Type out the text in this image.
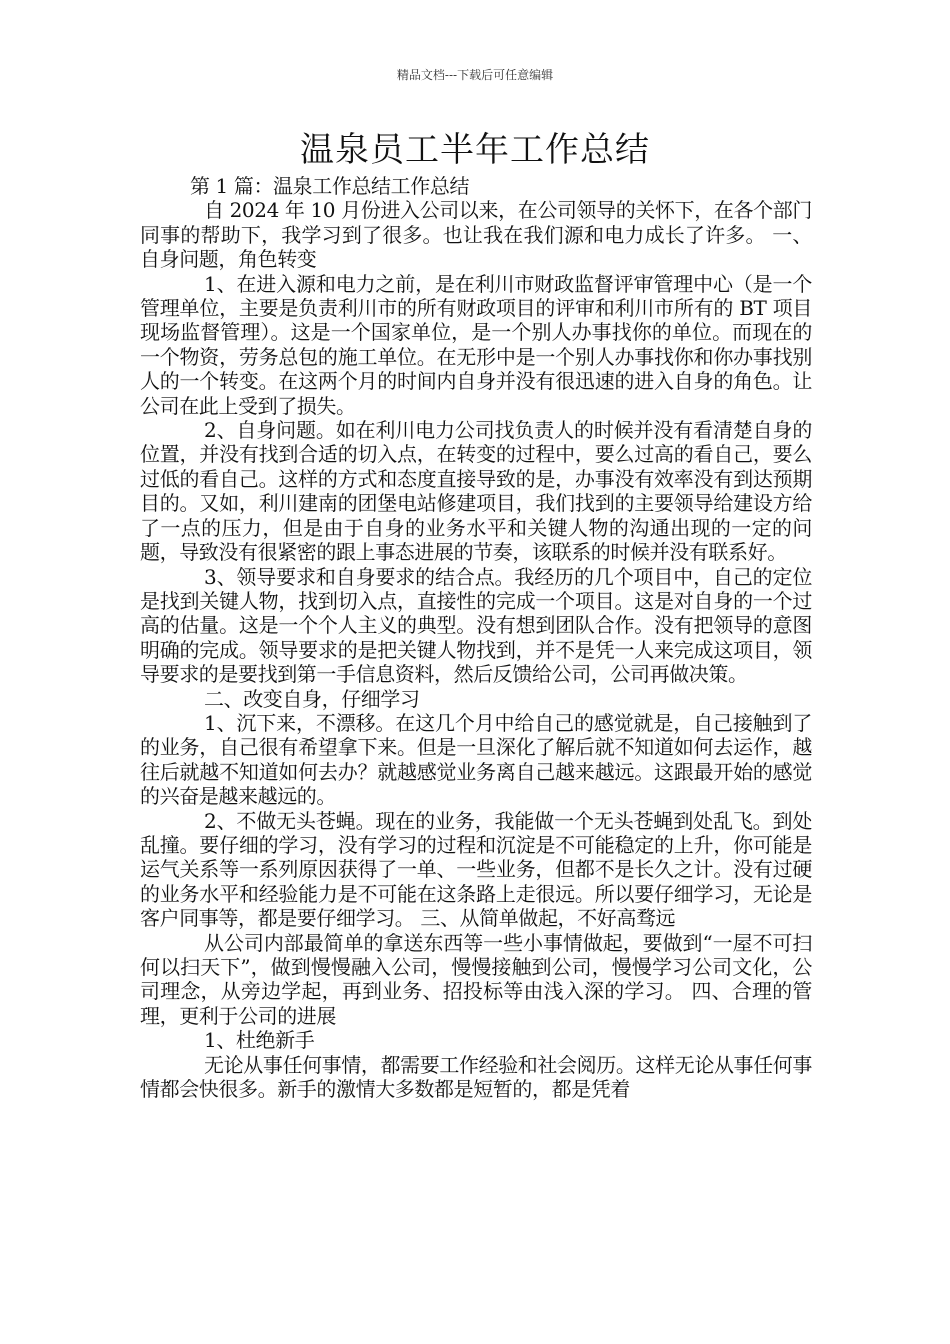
精品文档---下载后可任意编辑
温泉员工半年工作总结

第 1 篇：温泉工作总结工作总结

自 2024 年 10 月份进入公司以来，在公司领导的关怀下，在各个部门同事的帮助下，我学习到了很多。也让我在我们源和电力成长了许多。 一、自身问题，角色转变

1、在进入源和电力之前，是在利川市财政监督评审管理中心（是一个管理单位，主要是负责利川市的所有财政项目的评审和利川市所有的 BT 项目现场监督管理）。这是一个国家单位，是一个别人办事找你的单位。而现在的一个物资，劳务总包的施工单位。在无形中是一个别人办事找你和你办事找别人的一个转变。在这两个月的时间内自身并没有很迅速的进入自身的角色。让公司在此上受到了损失。

2、自身问题。如在利川电力公司找负责人的时候并没有看清楚自身的位置，并没有找到合适的切入点，在转变的过程中，要么过高的看自己，要么过低的看自己。这样的方式和态度直接导致的是，办事没有效率没有到达预期目的。又如，利川建南的团堡电站修建项目，我们找到的主要领导给建设方给了一点的压力，但是由于自身的业务水平和关键人物的沟通出现的一定的问题，导致没有很紧密的跟上事态进展的节奏，该联系的时候并没有联系好。

3、领导要求和自身要求的结合点。我经历的几个项目中，自己的定位是找到关键人物，找到切入点，直接性的完成一个项目。这是对自身的一个过高的估量。这是一个个人主义的典型。没有想到团队合作。没有把领导的意图明确的完成。领导要求的是把关键人物找到，并不是凭一人来完成这项目，领导要求的是要找到第一手信息资料，然后反馈给公司，公司再做决策。

二、改变自身，仔细学习

1、沉下来，不漂移。在这几个月中给自己的感觉就是，自己接触到了的业务，自己很有希望拿下来。但是一旦深化了解后就不知道如何去运作，越往后就越不知道如何去办？就越感觉业务离自己越来越远。这跟最开始的感觉的兴奋是越来越远的。

2、不做无头苍蝇。现在的业务，我能做一个无头苍蝇到处乱飞。到处乱撞。要仔细的学习，没有学习的过程和沉淀是不可能稳定的上升，你可能是运气关系等一系列原因获得了一单、一些业务，但都不是长久之计。没有过硬的业务水平和经验能力是不可能在这条路上走很远。所以要仔细学习，无论是客户同事等，都是要仔细学习。 三、从简单做起，不好高骛远

从公司内部最简单的拿送东西等一些小事情做起，要做到“一屋不可扫何以扫天下”，做到慢慢融入公司，慢慢接触到公司，慢慢学习公司文化，公司理念，从旁边学起，再到业务、招投标等由浅入深的学习。 四、合理的管理，更利于公司的进展

1、杜绝新手

无论从事任何事情，都需要工作经验和社会阅历。这样无论从事任何事情都会快很多。新手的激情大多数都是短暂的，都是凭着
